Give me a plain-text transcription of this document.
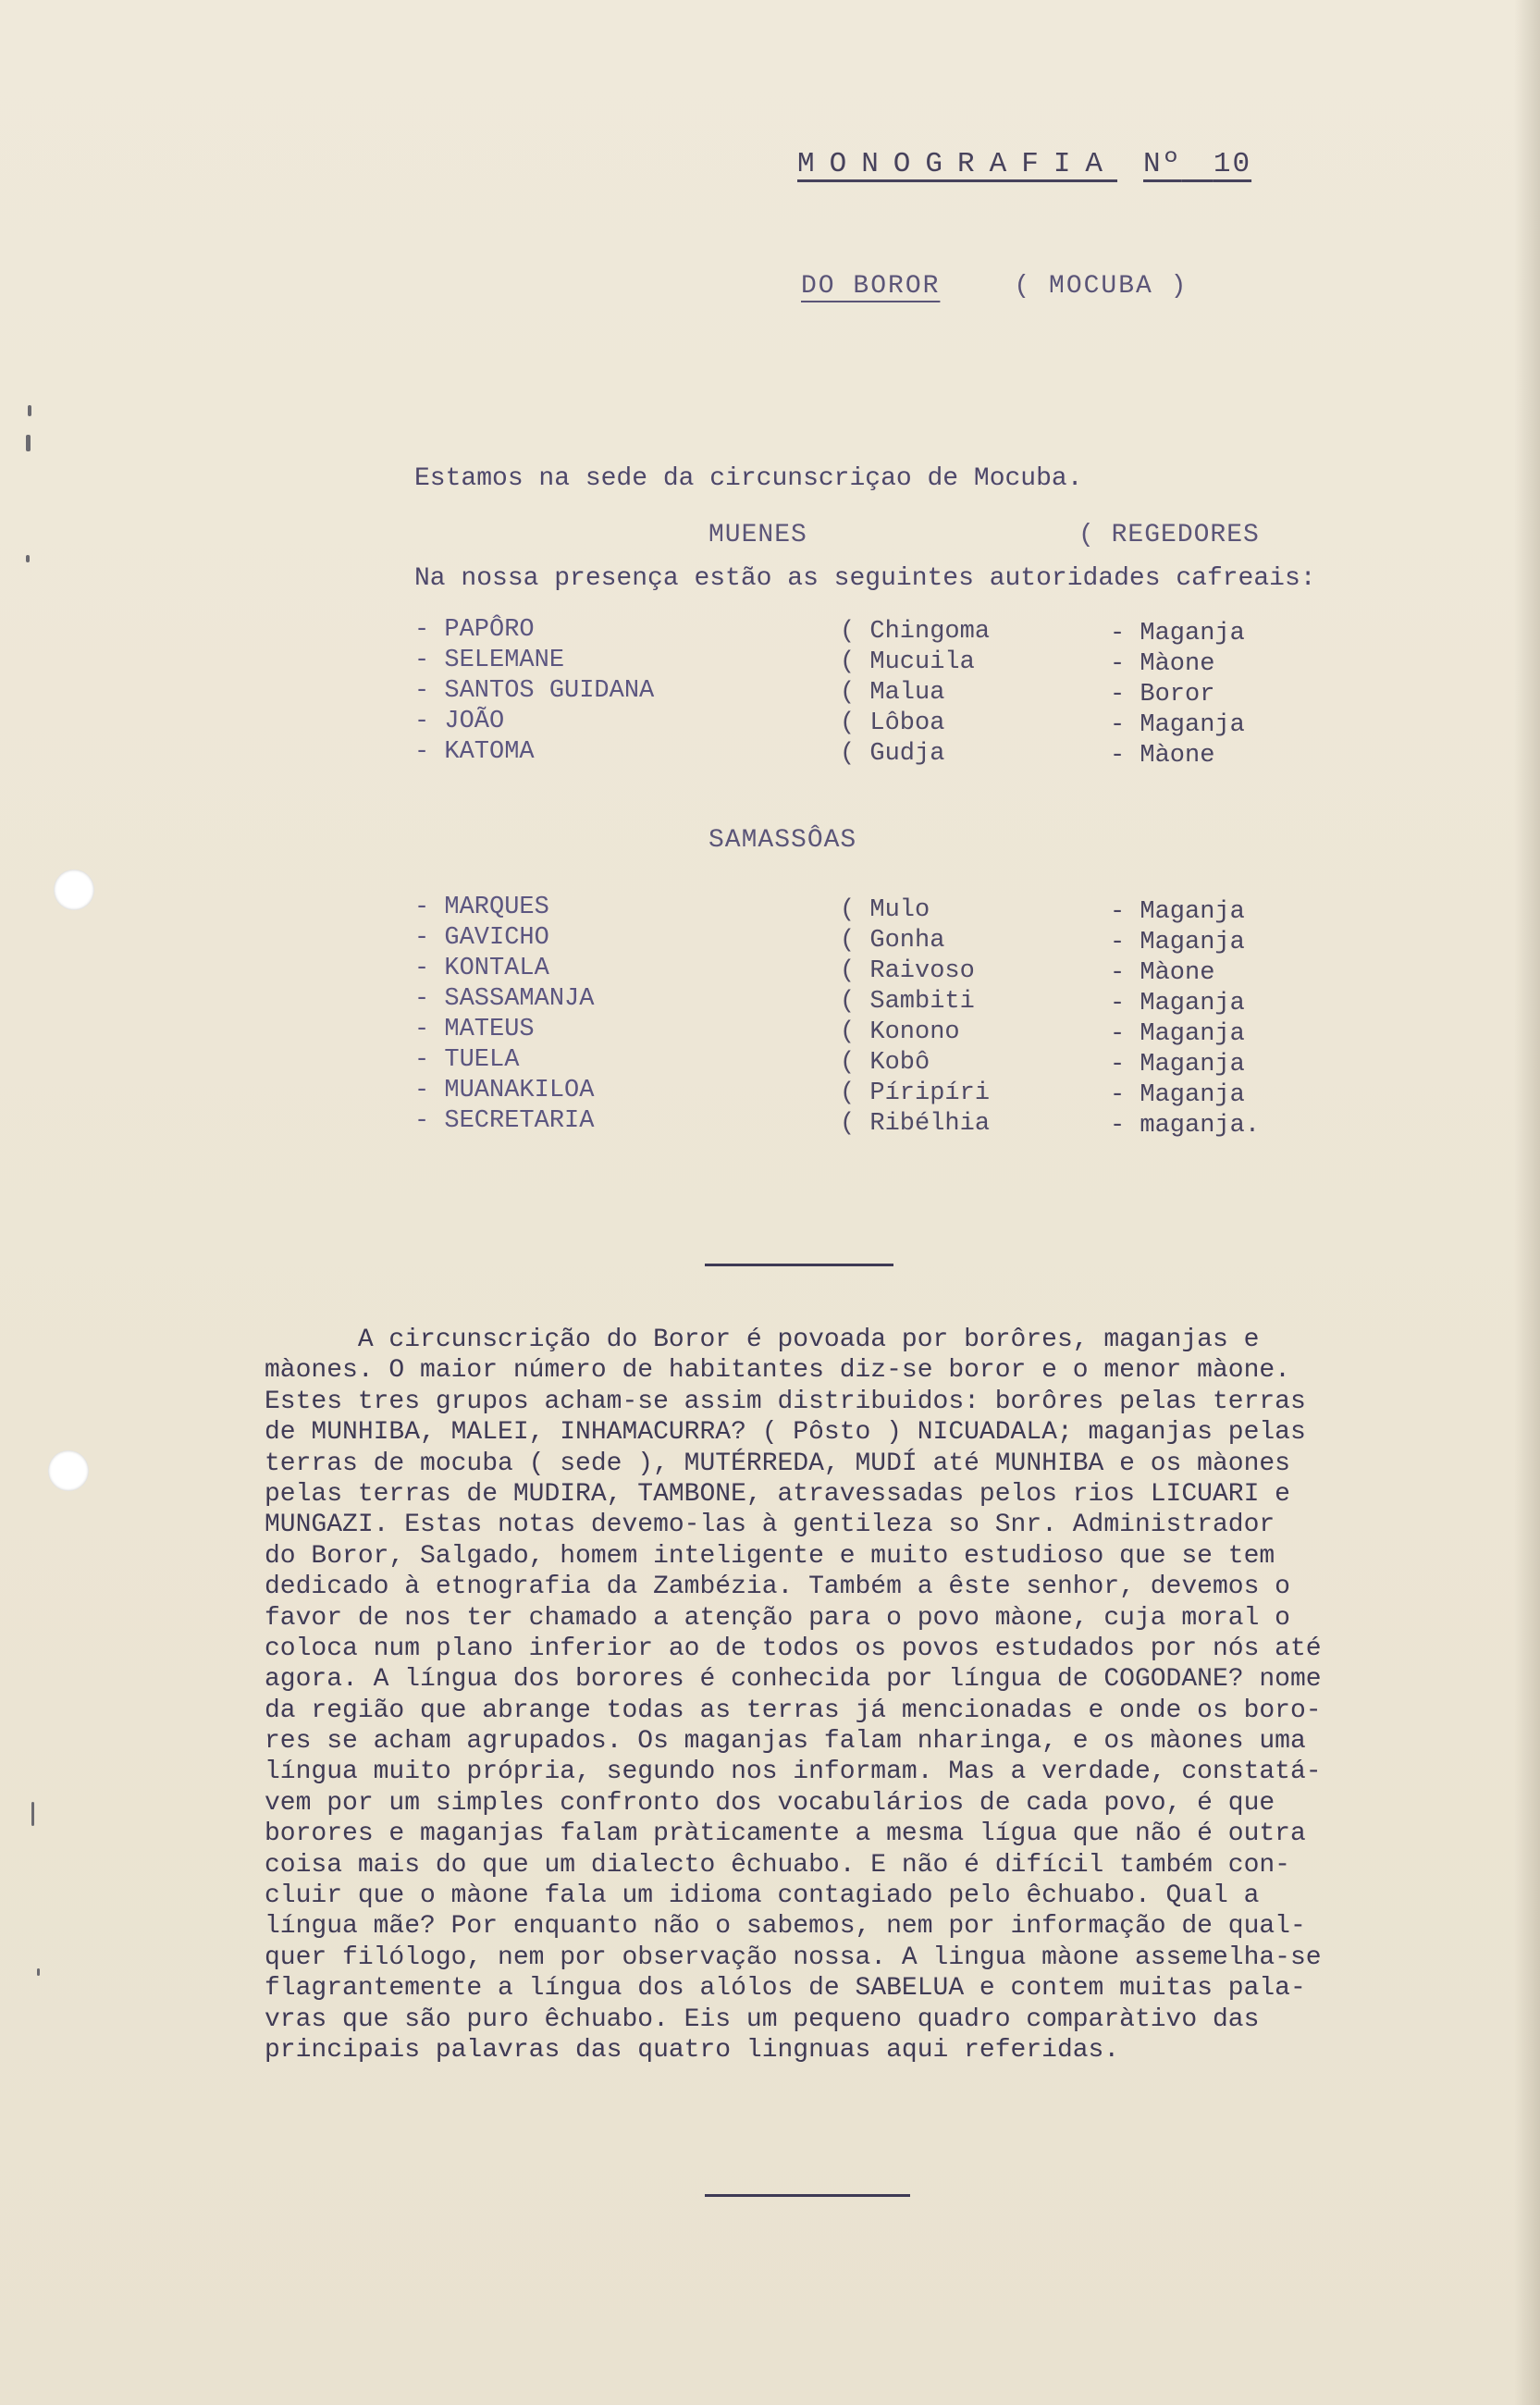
MONOGRAFIA Nº 10
DO BOROR	( MOCUBA )

Estamos na sede da circunscriçao de Mocuba.

Na nossa presença estão as seguintes autoridades cafreais:

MUENES	( REGEDORES
- PAPÔRO
- SELEMANE
- SANTOS GUIDANA
- JOÃO
- KATOMA
( Chingoma
( Mucuila
( Malua
( Lôboa
( Gudja
- Maganja
- Màone
- Boror
- Maganja
- Màone
SAMASSÔAS
- MARQUES
- GAVICHO
- KONTALA
- SASSAMANJA
- MATEUS
- TUELA
- MUANAKILOA
- SECRETARIA
( Mulo
( Gonha
( Raivoso
( Sambiti
( Konono
( Kobô
( Píripíri
( Ribélhia
- Maganja
- Maganja
- Màone
- Maganja
- Maganja
- Maganja
- Maganja
- maganja.
A circunscrição do Boror é povoada por borôres, maganjas e
màones. O maior número de habitantes diz-se boror e o menor màone.
Estes tres grupos acham-se assim distribuidos: borôres pelas terras
de MUNHIBA, MALEI, INHAMACURRA? ( Pôsto ) NICUADALA; maganjas pelas
terras de mocuba ( sede ), MUTÉRREDA, MUDÍ até MUNHIBA e os màones
pelas terras de MUDIRA, TAMBONE, atravessadas pelos rios LICUARI e
MUNGAZI. Estas notas devemo-las à gentileza so Snr. Administrador
do Boror, Salgado, homem inteligente e muito estudioso que se tem
dedicado à etnografia da Zambézia. Também a êste senhor, devemos o
favor de nos ter chamado a atenção para o povo màone, cuja moral o
coloca num plano inferior ao de todos os povos estudados por nós até
agora. A língua dos borores é conhecida por língua de COGODANE? nome
da região que abrange todas as terras já mencionadas e onde os boro-
res se acham agrupados. Os maganjas falam nharinga, e os màones uma
língua muito própria, segundo nos informam. Mas a verdade, constatá-
vem por um simples confronto dos vocabulários de cada povo, é que
borores e maganjas falam pràticamente a mesma lígua que não é outra
coisa mais do que um dialecto êchuabo. E não é difícil também con-
cluir que o màone fala um idioma contagiado pelo êchuabo. Qual a
língua mãe? Por enquanto não o sabemos, nem por informação de qual-
quer filólogo, nem por observação nossa. A lingua màone assemelha-se
flagrantemente a língua dos alólos de SABELUA e contem muitas pala-
vras que são puro êchuabo. Eis um pequeno quadro comparàtivo das
principais palavras das quatro lingnuas aqui referidas.
